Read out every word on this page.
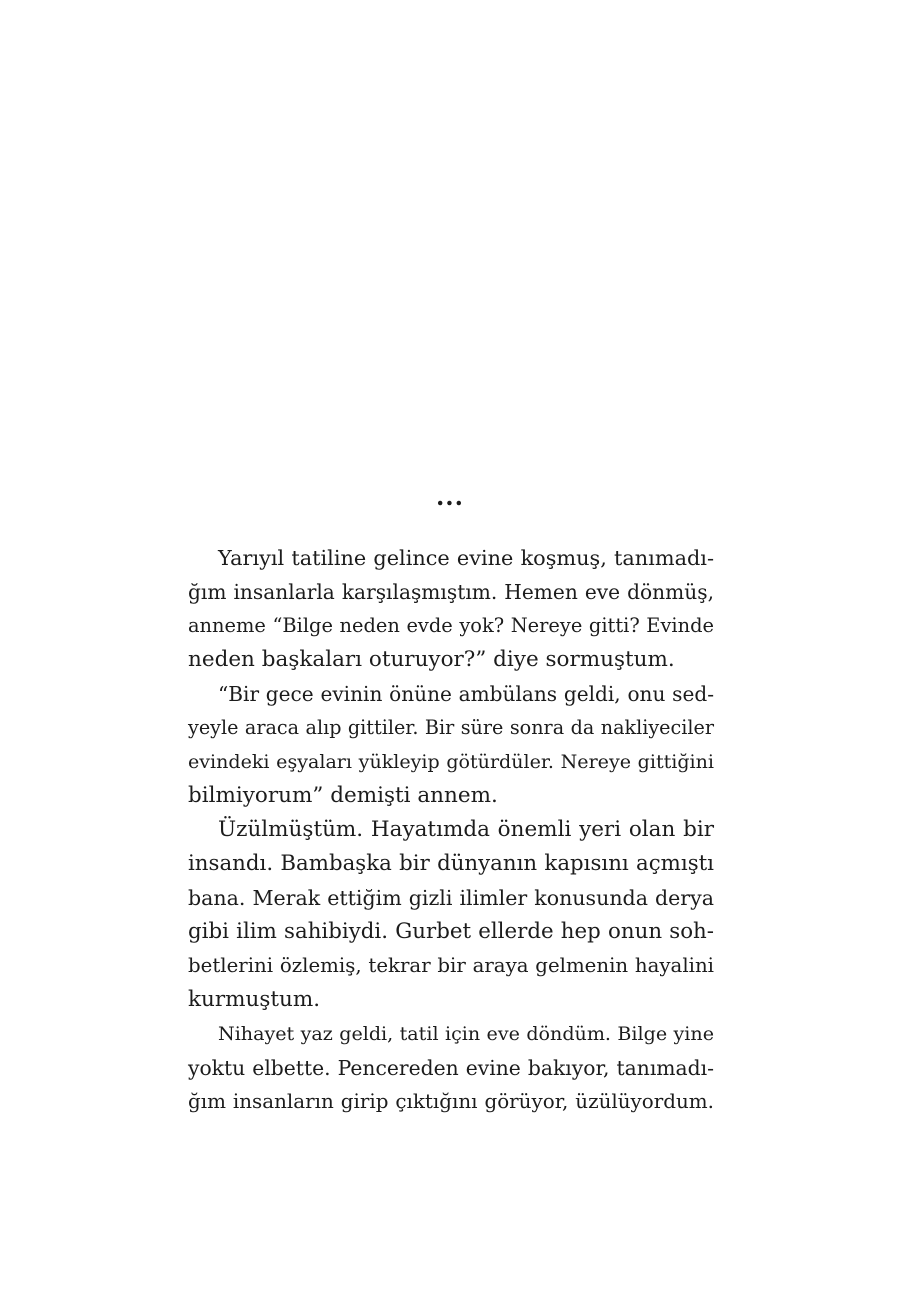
...
Yarıyıl tatiline gelince evine koşmuş, tanımadı-
ğım insanlarla karşılaşmıştım. Hemen eve dönmüş,
anneme “Bilge neden evde yok? Nereye gitti? Evinde
neden başkaları oturuyor?” diye sormuştum.
“Bir gece evinin önüne ambülans geldi, onu sed-
yeyle araca alıp gittiler. Bir süre sonra da nakliyeciler
evindeki eşyaları yükleyip götürdüler. Nereye gittiğini
bilmiyorum” demişti annem.
Üzülmüştüm. Hayatımda önemli yeri olan bir
insandı. Bambaşka bir dünyanın kapısını açmıştı
bana. Merak ettiğim gizli ilimler konusunda derya
gibi ilim sahibiydi. Gurbet ellerde hep onun soh-
betlerini özlemiş, tekrar bir araya gelmenin hayalini
kurmuştum.
Nihayet yaz geldi, tatil için eve döndüm. Bilge yine
yoktu elbette. Pencereden evine bakıyor, tanımadı-
ğım insanların girip çıktığını görüyor, üzülüyordum.
